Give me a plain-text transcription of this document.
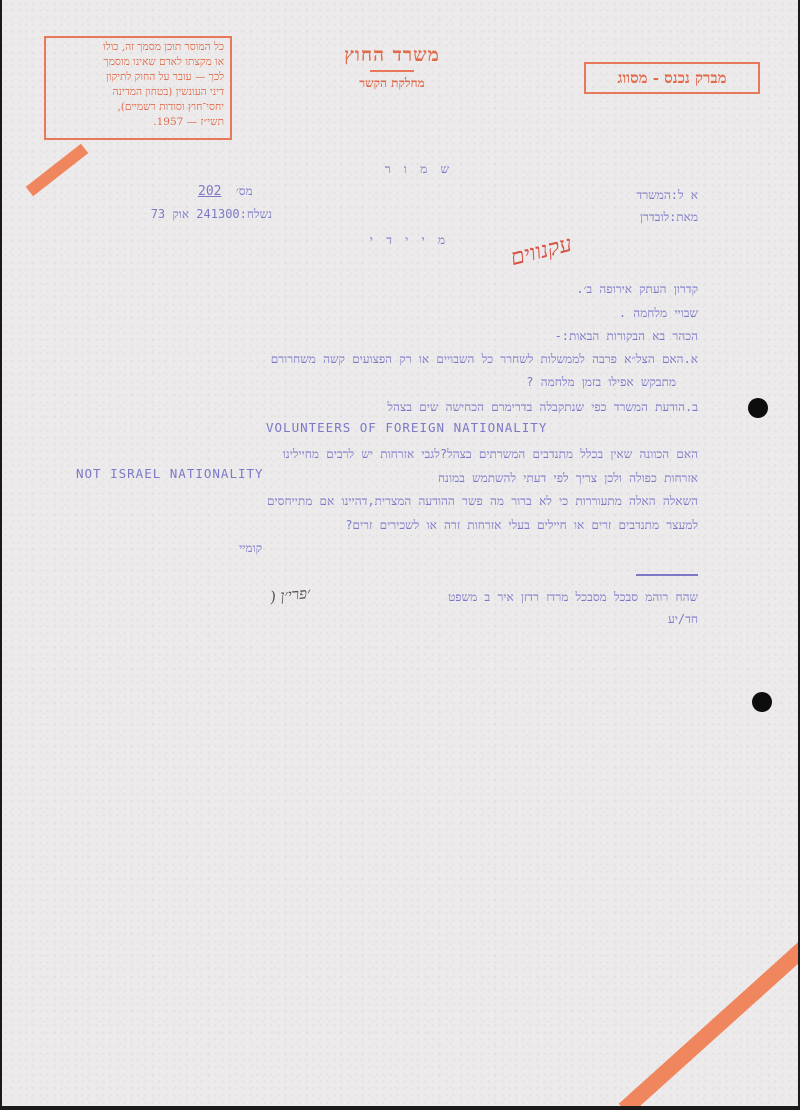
כל המוסר תוכן מסמך זה, כולו
או מקצתו לאדם שאינו מוסמך
לכך — עובר על החוק לתיקון
דיני העונשין (בטחון המדינה
יחסי־חוץ וסודות רשמיים),
תשי״ז — 1957.
משרד החוץ
מחלקת הקשר	מברק נכנס - מסווג
ש מ ו ר
מס׳
202	א ל:המשרד
מאת:לובדרן
נשלח:241300 אוק 73
מ י י ד י	עקנווים
קדרון העתק אירופה ב׳.
שבויי מלחמה .
הכהר בא הבקורות הבאות:-
א.האם הצל״א פרבה לממשלות לשחרר כל השבויים או רק הפצועים קשה משחרורם
מתבקש אפילו בזמן מלחמה ?
ב.הודעת המשרד כפי שנתקבלה בדרימרם הכחישה שים בצהל
VOLUNTEERS OF FOREIGN NATIONALITY
האם הכוונה שאין בכלל מתנדבים המשרתים בצהל?לגבי אזרחות יש לרבים מחיילינו
אזרחות כפולה ולכן צריך לפי דעתי להשתמש במונח
NOT ISRAEL NATIONALITY
השאלה האלה מתעוררות כי לא ברור מה פשר ההודעה המצרית,דהיינו אם מתייחסים
למעצר מתנדבים זרים או חיילים בעלי אזרחות זרה או לשכירים זרים?
קומיי
שהח רוהמ סבכל מסבכל מרדז רדזן איר ב משפט
חד/יע
) ׳פרי׳ן
